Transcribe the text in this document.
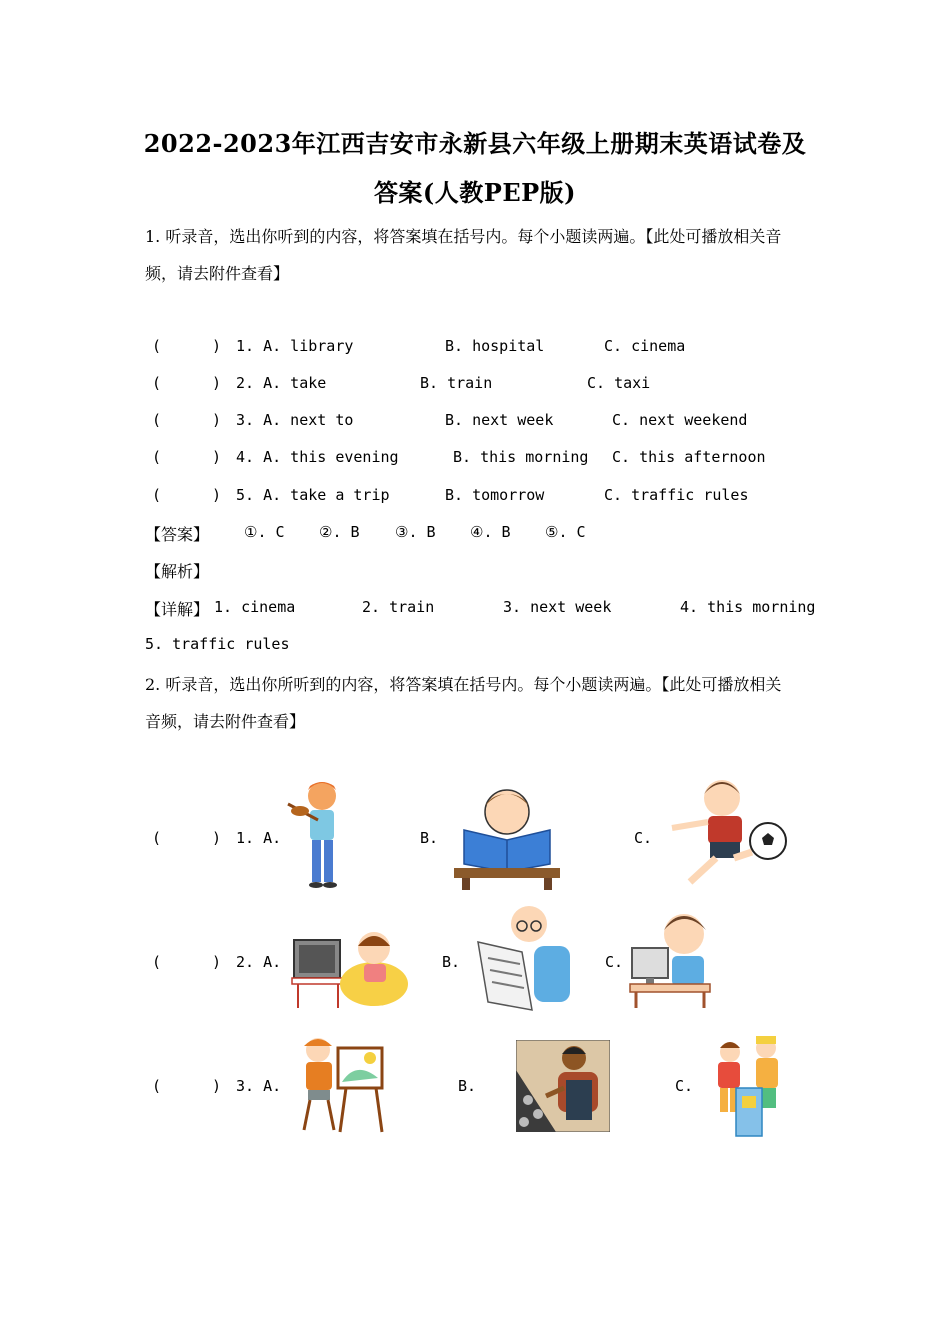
2022-2023年江西吉安市永新县六年级上册期末英语试卷及
答案(人教PEP版)
1. 听录音，选出你听到的内容，将答案填在括号内。每个小题读两遍。【此处可播放相关音
频，请去附件查看】
(	) 1. A. library	B. hospital	C. cinema
(	) 2. A. take	B. train	C. taxi
(	) 3. A. next to	B. next week	C. next weekend
(	) 4. A. this evening	B. this morning C. this afternoon
(	) 5. A. take a trip	B. tomorrow	C. traffic rules
【答案】 ①. C ②. B ③. B ④. B ⑤. C
【解析】
【详解】 1. cinema	2. train	3. next week	4. this morning
5. traffic rules
2. 听录音，选出你所听到的内容，将答案填在括号内。每个小题读两遍。【此处可播放相关
音频，请去附件查看】
(	) 1. A.	B.	C.
(	) 2. A.	B.	C.
(	) 3. A.	B.	C.
